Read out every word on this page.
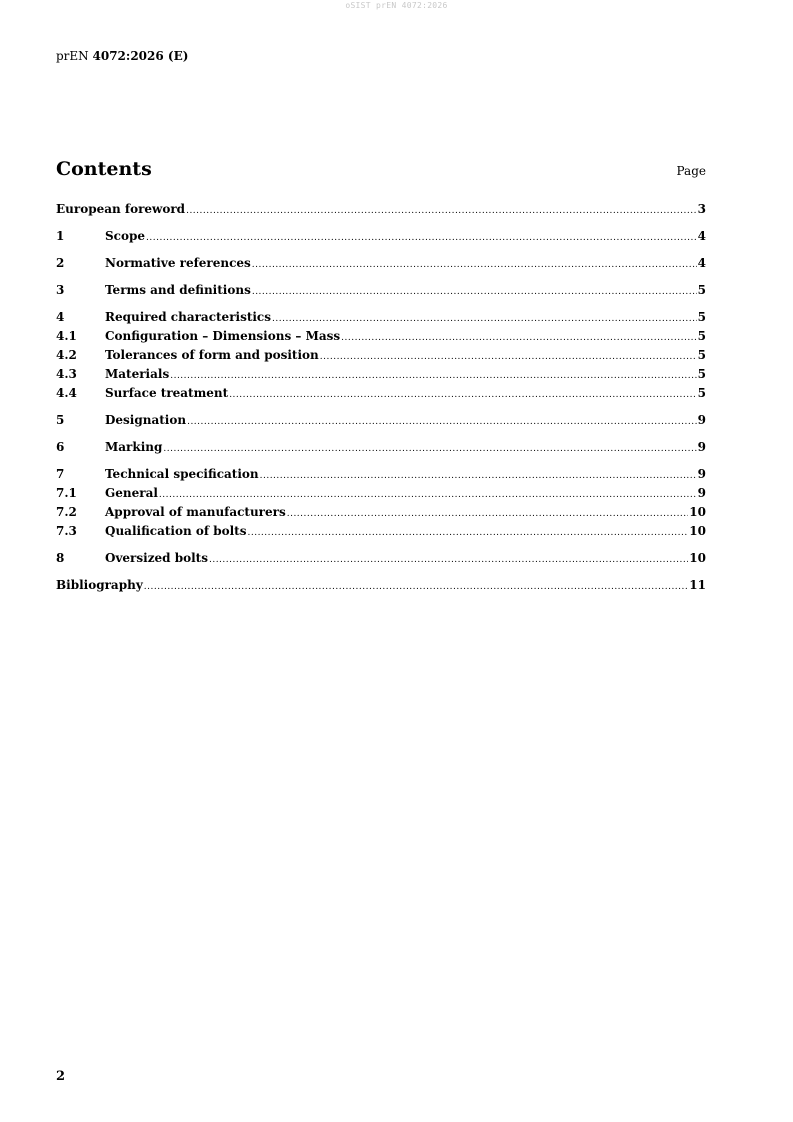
oSIST prEN 4072:2026
prEN 4072:2026 (E)
Contents	Page
European foreword .....	3
1	Scope .....	4
2	Normative references .....	4
3	Terms and definitions .....	5
4	Required characteristics .....	5
4.1	Configuration – Dimensions – Mass .....	5
4.2	Tolerances of form and position .....	5
4.3	Materials .....	5
4.4	Surface treatment .....	5
5	Designation .....	9
6	Marking .....	9
7	Technical specification .....	9
7.1	General .....	9
7.2	Approval of manufacturers .....	10
7.3	Qualification of bolts .....	10
8	Oversized bolts .....	10
Bibliography .....	11
2
